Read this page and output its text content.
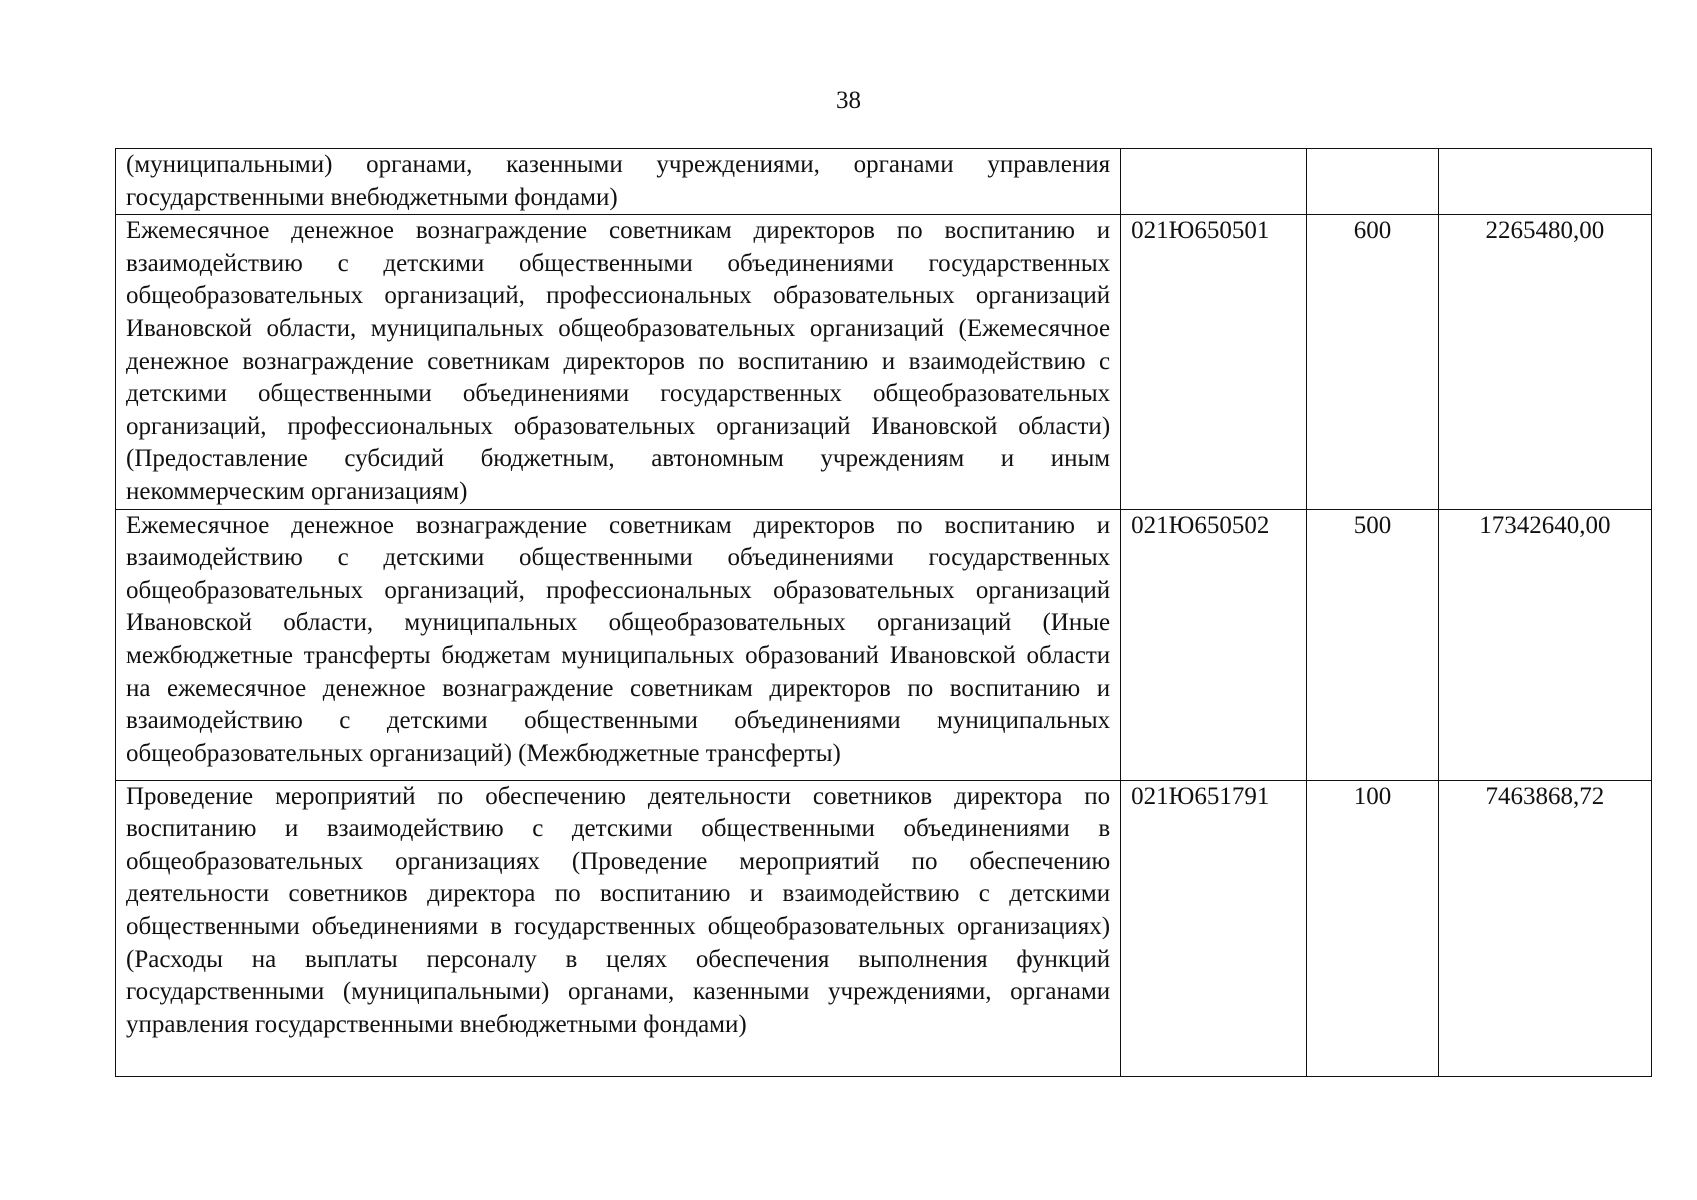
38
(муниципальными) органами, казенными учреждениями, органами управления государственными внебюджетными фондами)			
Ежемесячное денежное вознаграждение советникам директоров по воспитанию и взаимодействию с детскими общественными объединениями государственных общеобразовательных организаций, профессиональных образовательных организаций Ивановской области, муниципальных общеобразовательных организаций (Ежемесячное денежное вознаграждение советникам директоров по воспитанию и взаимодействию с детскими общественными объединениями государственных общеобразовательных организаций, профессиональных образовательных организаций Ивановской области) (Предоставление субсидий бюджетным, автономным учреждениям и иным некоммерческим организациям)	021Ю650501	600	2265480,00
Ежемесячное денежное вознаграждение советникам директоров по воспитанию и взаимодействию с детскими общественными объединениями государственных общеобразовательных организаций, профессиональных образовательных организаций Ивановской области, муниципальных общеобразовательных организаций (Иные межбюджетные трансферты бюджетам муниципальных образований Ивановской области на ежемесячное денежное вознаграждение советникам директоров по воспитанию и взаимодействию с детскими общественными объединениями муниципальных общеобразовательных организаций) (Межбюджетные трансферты)	021Ю650502	500	17342640,00
Проведение мероприятий по обеспечению деятельности советников директора по воспитанию и взаимодействию с детскими общественными объединениями в общеобразовательных организациях (Проведение мероприятий по обеспечению деятельности советников директора по воспитанию и взаимодействию с детскими общественными объединениями в государственных общеобразовательных организациях) (Расходы на выплаты персоналу в целях обеспечения выполнения функций государственными (муниципальными) органами, казенными учреждениями, органами управления государственными внебюджетными фондами)	021Ю651791	100	7463868,72
